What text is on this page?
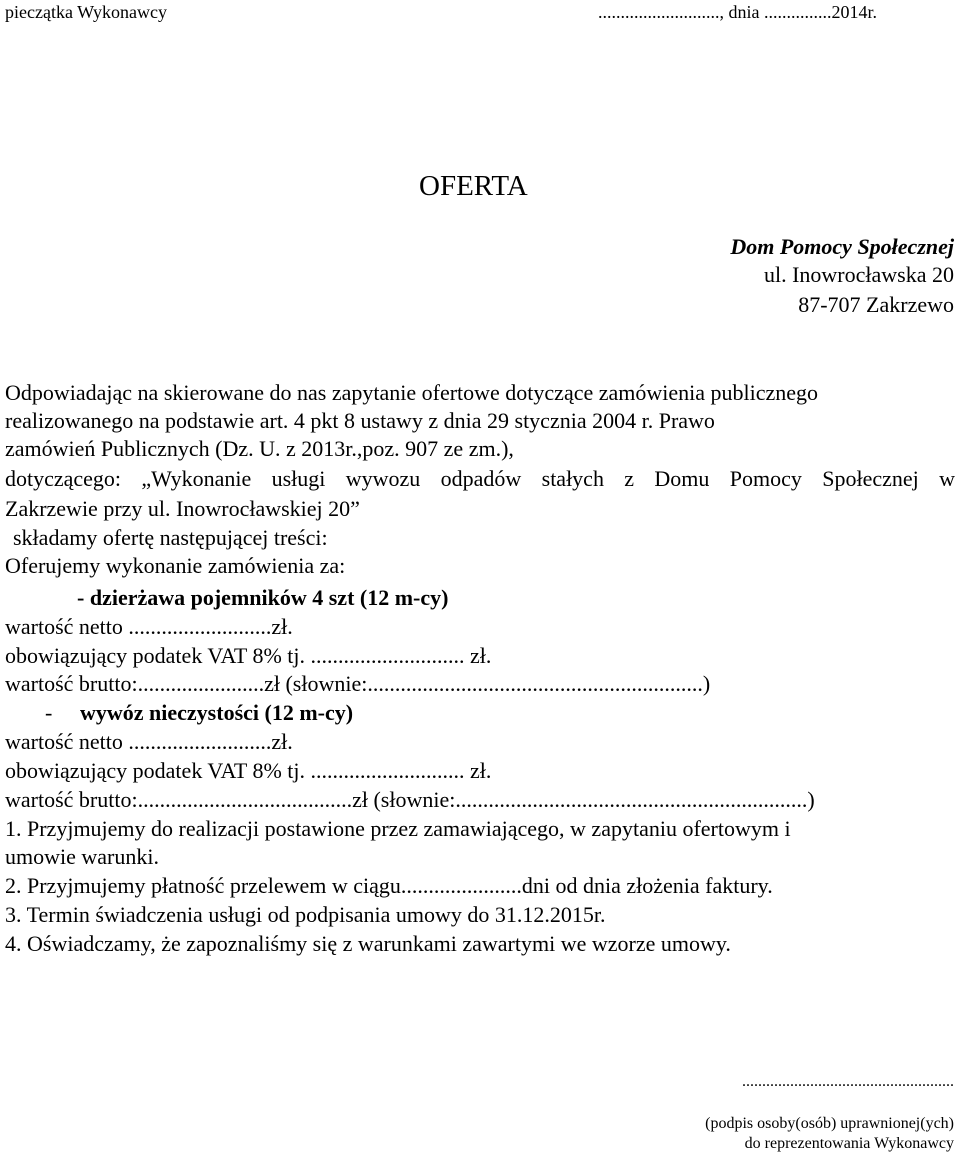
pieczątka Wykonawcy	..........................., dnia ...............2014r.
OFERTA
Dom Pomocy Społecznej
ul. Inowrocławska 20
87-707 Zakrzewo
Odpowiadając na skierowane do nas zapytanie ofertowe dotyczące zamówienia publicznego
realizowanego na podstawie art. 4 pkt 8 ustawy z dnia 29 stycznia 2004 r. Prawo
zamówień Publicznych (Dz. U. z 2013r.,poz. 907 ze zm.),
dotyczącego: „Wykonanie usługi wywozu odpadów stałych z Domu Pomocy Społecznej w
Zakrzewie przy ul. Inowrocławskiej 20”
składamy ofertę następującej treści:
Oferujemy wykonanie zamówienia za:
- dzierżawa pojemników 4 szt (12 m-cy)
wartość netto ..........................zł.
obowiązujący podatek VAT 8% tj. ............................ zł.
wartość brutto:.......................zł (słownie:.............................................................)
- wywóz nieczystości (12 m-cy)
wartość netto ..........................zł.
obowiązujący podatek VAT 8% tj. ............................ zł.
wartość brutto:.......................................zł (słownie:................................................................)
1. Przyjmujemy do realizacji postawione przez zamawiającego, w zapytaniu ofertowym i
umowie warunki.
2. Przyjmujemy płatność przelewem w ciągu......................dni od dnia złożenia faktury.
3. Termin świadczenia usługi od podpisania umowy do 31.12.2015r.
4. Oświadczamy, że zapoznaliśmy się z warunkami zawartymi we wzorze umowy.
.....................................................
(podpis osoby(osób) uprawnionej(ych)
do reprezentowania Wykonawcy
